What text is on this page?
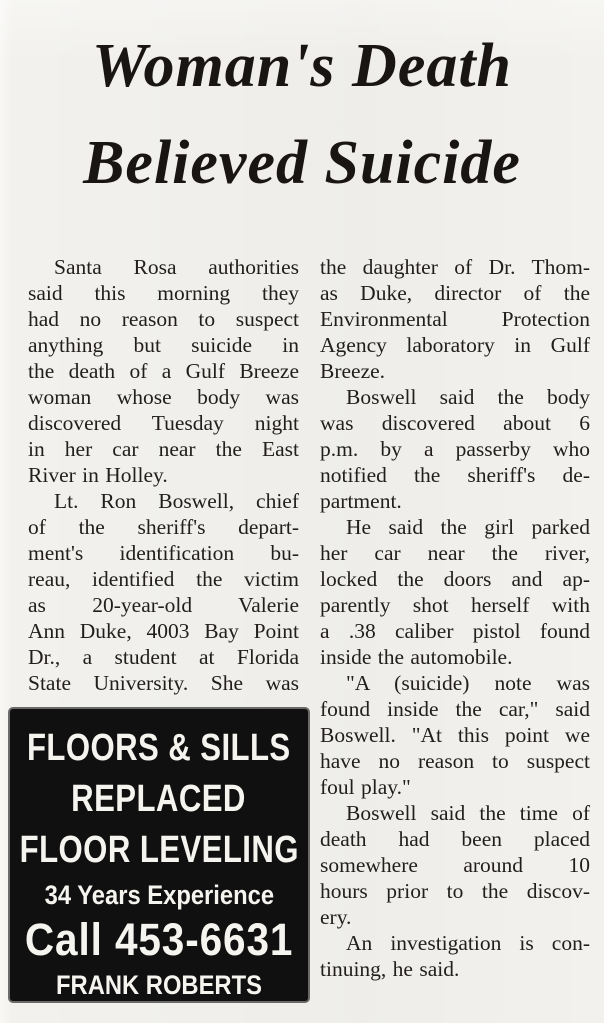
Woman's Death
Believed Suicide
Santa Rosa authorities
said this morning they
had no reason to suspect
anything but suicide in
the death of a Gulf Breeze
woman whose body was
discovered Tuesday night
in her car near the East
River in Holley.
Lt. Ron Boswell, chief
of the sheriff's depart-
ment's identification bu-
reau, identified the victim
as 20-year-old Valerie
Ann Duke, 4003 Bay Point
Dr., a student at Florida
State University. She was
FLOORS & SILLS
REPLACED
FLOOR LEVELING
34 Years Experience
Call 453-6631
FRANK ROBERTS
the daughter of Dr. Thom-
as Duke, director of the
Environmental Protection
Agency laboratory in Gulf
Breeze.
Boswell said the body
was discovered about 6
p.m. by a passerby who
notified the sheriff's de-
partment.
He said the girl parked
her car near the river,
locked the doors and ap-
parently shot herself with
a .38 caliber pistol found
inside the automobile.
"A (suicide) note was
found inside the car," said
Boswell. "At this point we
have no reason to suspect
foul play."
Boswell said the time of
death had been placed
somewhere around 10
hours prior to the discov-
ery.
An investigation is con-
tinuing, he said.
